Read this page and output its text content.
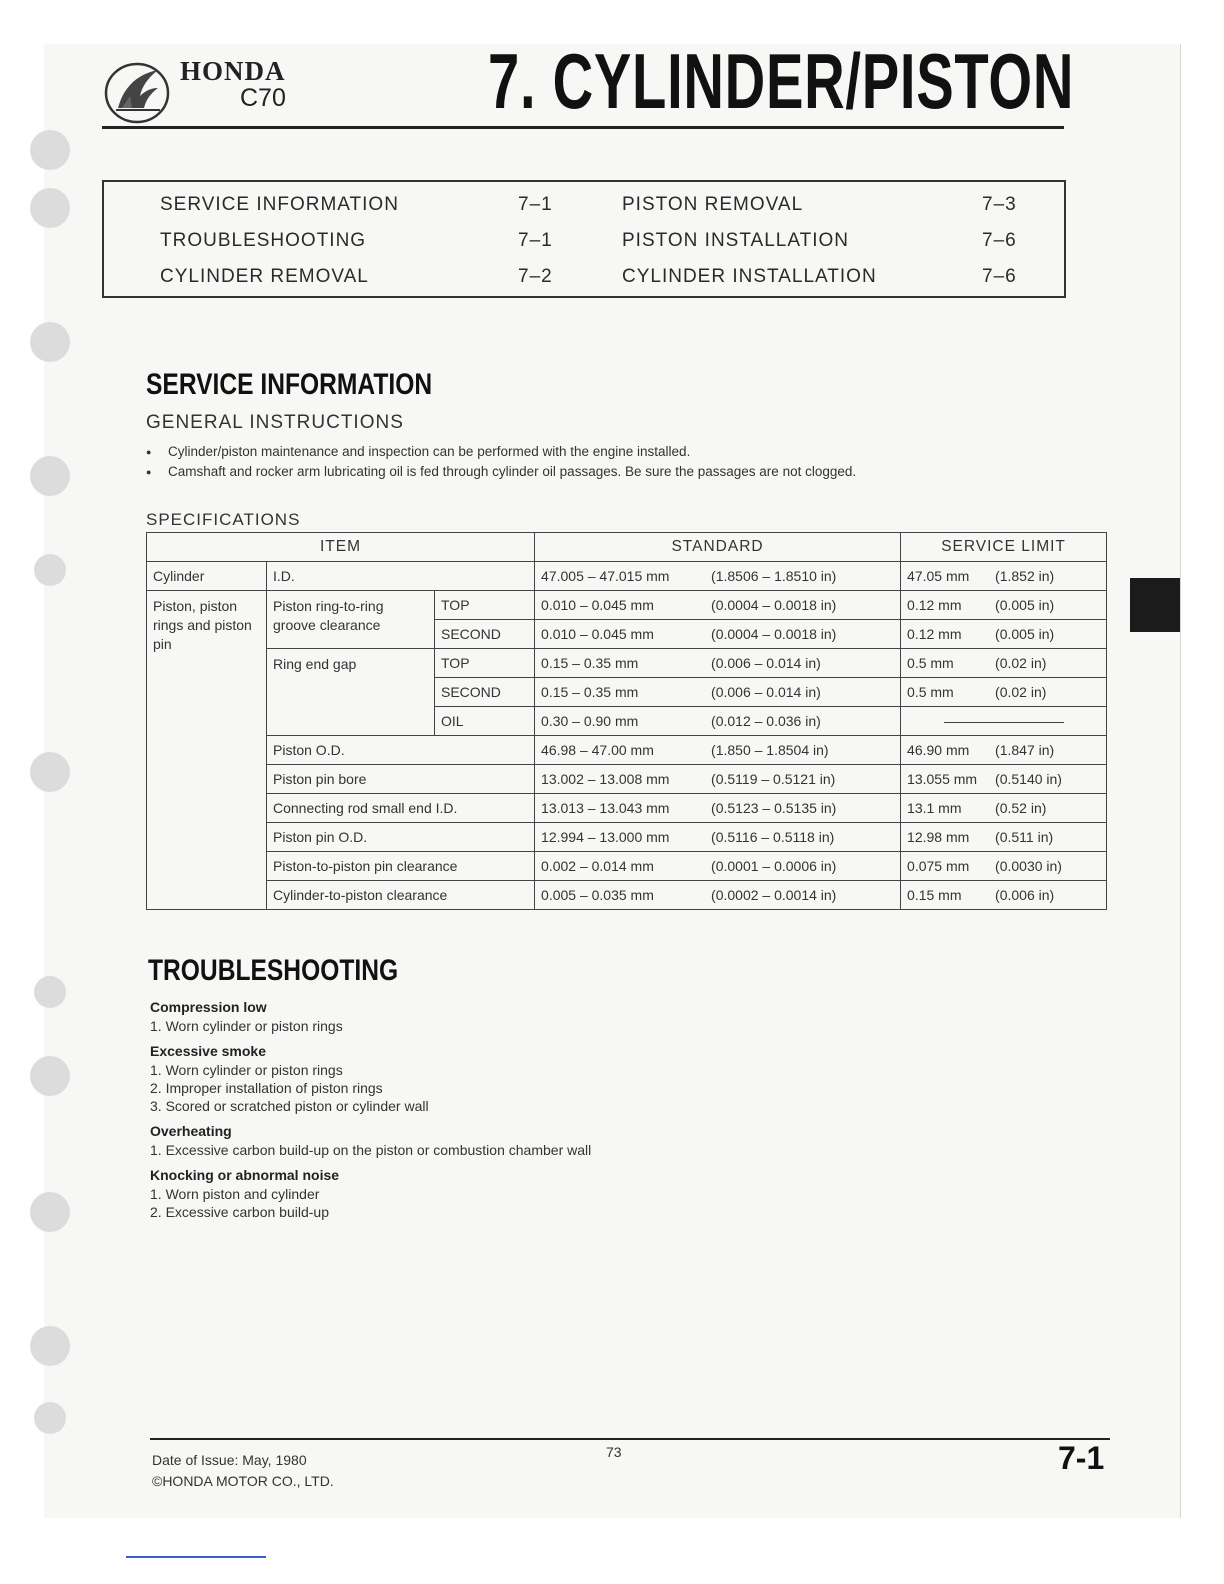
HONDA
C70	7. CYLINDER/PISTON
SERVICE INFORMATION	7–1	PISTON REMOVAL	7–3
TROUBLESHOOTING	7–1	PISTON INSTALLATION	7–6
CYLINDER REMOVAL	7–2	CYLINDER INSTALLATION	7–6
SERVICE INFORMATION
GENERAL INSTRUCTIONS
● Cylinder/piston maintenance and inspection can be performed with the engine installed.
● Camshaft and rocker arm lubricating oil is fed through cylinder oil passages. Be sure the passages are not clogged.
SPECIFICATIONS
ITEM			STANDARD	SERVICE LIMIT
Cylinder	I.D.		47.005 – 47.015 mm (1.8506 – 1.8510 in)	47.05 mm (1.852 in)
Piston, piston rings and piston pin	Piston ring-to-ring groove clearance	TOP	0.010 – 0.045 mm (0.0004 – 0.0018 in)	0.12 mm (0.005 in)
		SECOND	0.010 – 0.045 mm (0.0004 – 0.0018 in)	0.12 mm (0.005 in)
	Ring end gap	TOP	0.15 – 0.35 mm (0.006 – 0.014 in)	0.5 mm (0.02 in)
		SECOND	0.15 – 0.35 mm (0.006 – 0.014 in)	0.5 mm (0.02 in)
		OIL	0.30 – 0.90 mm (0.012 – 0.036 in)	
	Piston O.D.		46.98 – 47.00 mm (1.850 – 1.8504 in)	46.90 mm (1.847 in)
	Piston pin bore		13.002 – 13.008 mm (0.5119 – 0.5121 in)	13.055 mm (0.5140 in)
	Connecting rod small end I.D.		13.013 – 13.043 mm (0.5123 – 0.5135 in)	13.1 mm (0.52 in)
	Piston pin O.D.		12.994 – 13.000 mm (0.5116 – 0.5118 in)	12.98 mm (0.511 in)
	Piston-to-piston pin clearance		0.002 – 0.014 mm (0.0001 – 0.0006 in)	0.075 mm (0.0030 in)
	Cylinder-to-piston clearance		0.005 – 0.035 mm (0.0002 – 0.0014 in)	0.15 mm (0.006 in)
TROUBLESHOOTING
Compression low
1. Worn cylinder or piston rings
Excessive smoke
1. Worn cylinder or piston rings
2. Improper installation of piston rings
3. Scored or scratched piston or cylinder wall
Overheating
1. Excessive carbon build-up on the piston or combustion chamber wall
Knocking or abnormal noise
1. Worn piston and cylinder
2. Excessive carbon build-up
Date of Issue: May, 1980
©HONDA MOTOR CO., LTD.
73	7-1
